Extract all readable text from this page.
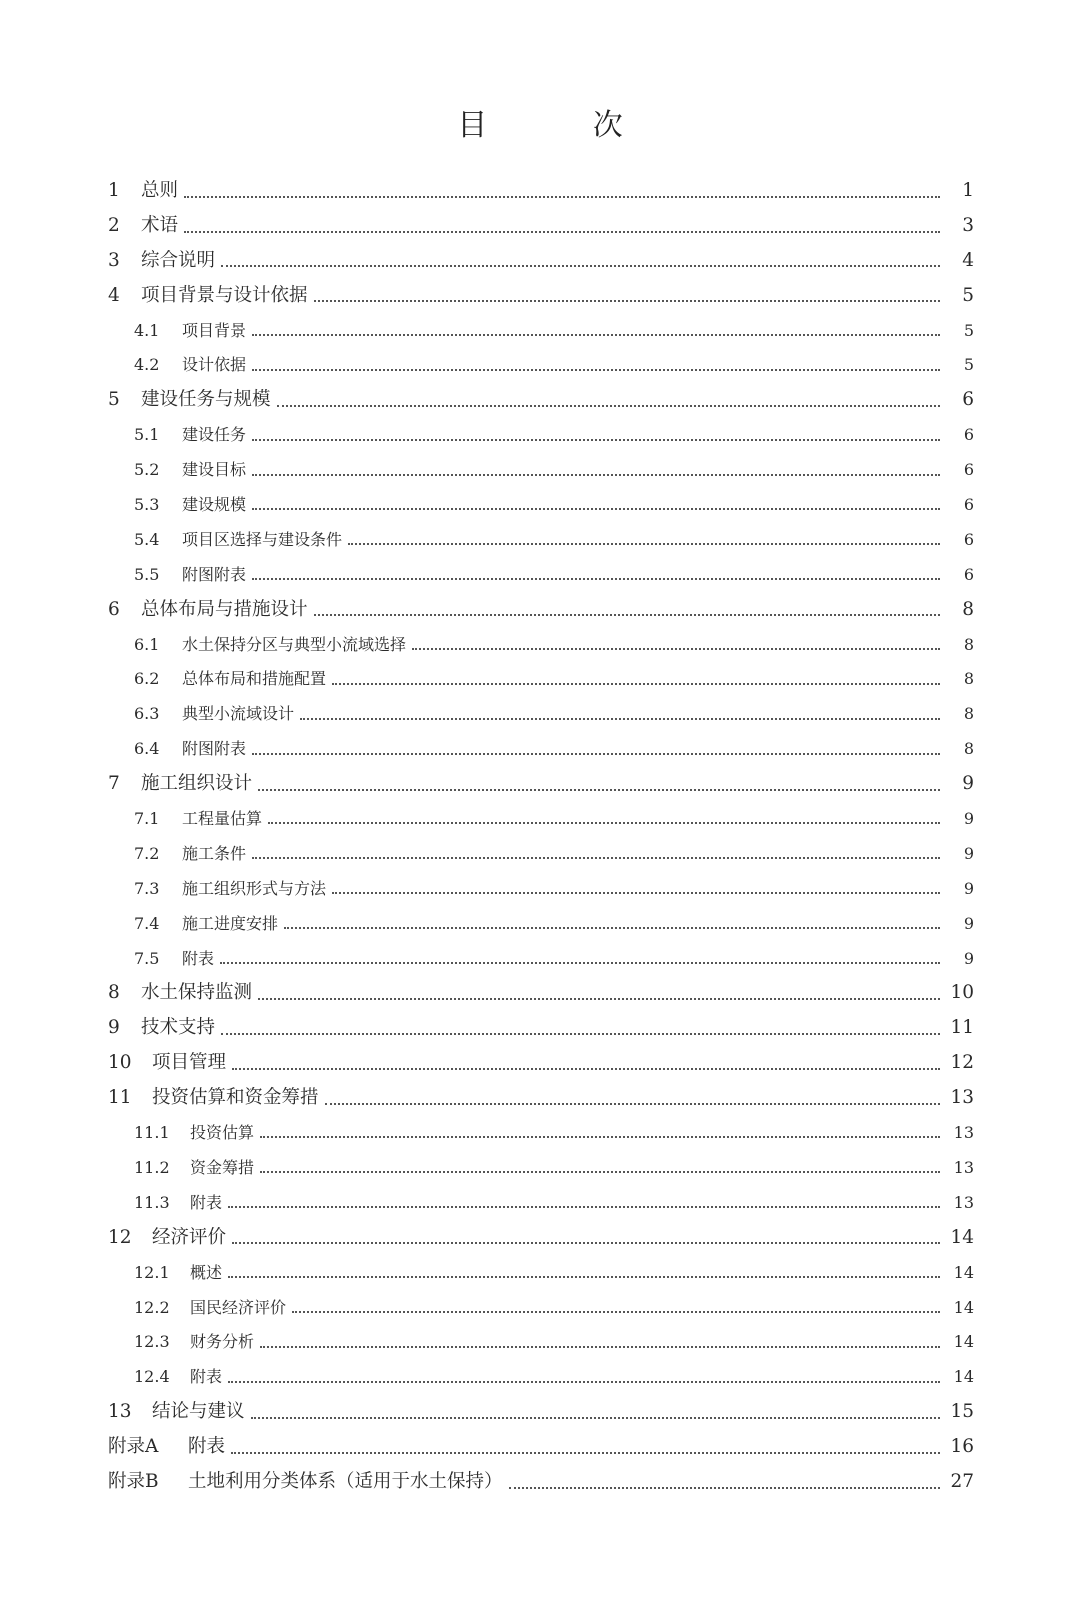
目 次
1	总则	1
2	术语	3
3	综合说明	4
4	项目背景与设计依据	5
4.1	项目背景	5
4.2	设计依据	5
5	建设任务与规模	6
5.1	建设任务	6
5.2	建设目标	6
5.3	建设规模	6
5.4	项目区选择与建设条件	6
5.5	附图附表	6
6	总体布局与措施设计	8
6.1	水土保持分区与典型小流域选择	8
6.2	总体布局和措施配置	8
6.3	典型小流域设计	8
6.4	附图附表	8
7	施工组织设计	9
7.1	工程量估算	9
7.2	施工条件	9
7.3	施工组织形式与方法	9
7.4	施工进度安排	9
7.5	附表	9
8	水土保持监测	10
9	技术支持	11
10	项目管理	12
11	投资估算和资金筹措	13
11.1	投资估算	13
11.2	资金筹措	13
11.3	附表	13
12	经济评价	14
12.1	概述	14
12.2	国民经济评价	14
12.3	财务分析	14
12.4	附表	14
13	结论与建议	15
附录A	附表	16
附录B	土地利用分类体系（适用于水土保持）	27
